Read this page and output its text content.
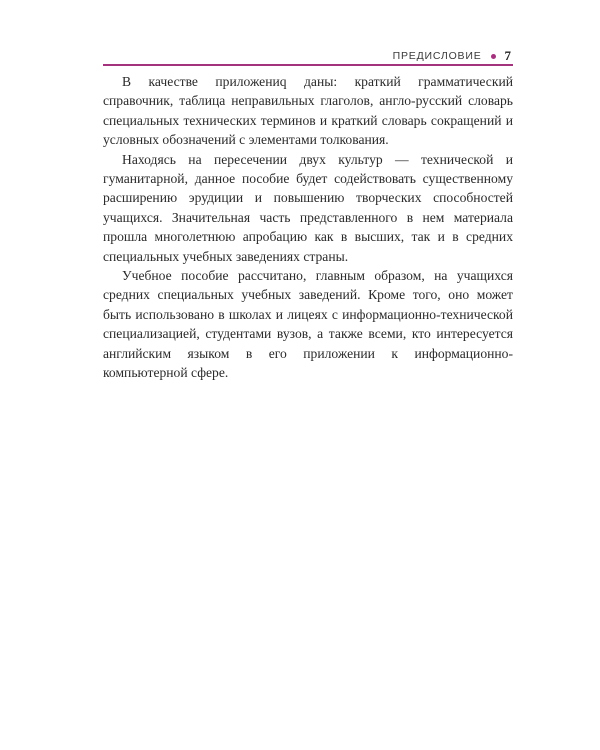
ПРЕДИСЛОВИЕ 7

В качестве приложениq даны: краткий грамматический справочник, таблица неправильных глаголов, англо-русский словарь специальных технических терминов и краткий словарь сокращений и условных обозначений с элементами толкования.

Находясь на пересечении двух культур — технической и гуманитарной, данное пособие будет содействовать существенному расширению эрудиции и повышению творческих способностей учащихся. Значительная часть представленного в нем материала прошла многолетнюю апробацию как в высших, так и в средних специальных учебных заведениях страны.

Учебное пособие рассчитано, главным образом, на учащихся средних специальных учебных заведений. Кроме того, оно может быть использовано в школах и лицеях с информационно-технической специализацией, студентами вузов, а также всеми, кто интересуется английским языком в его приложении к информационно-компьютерной сфере.
